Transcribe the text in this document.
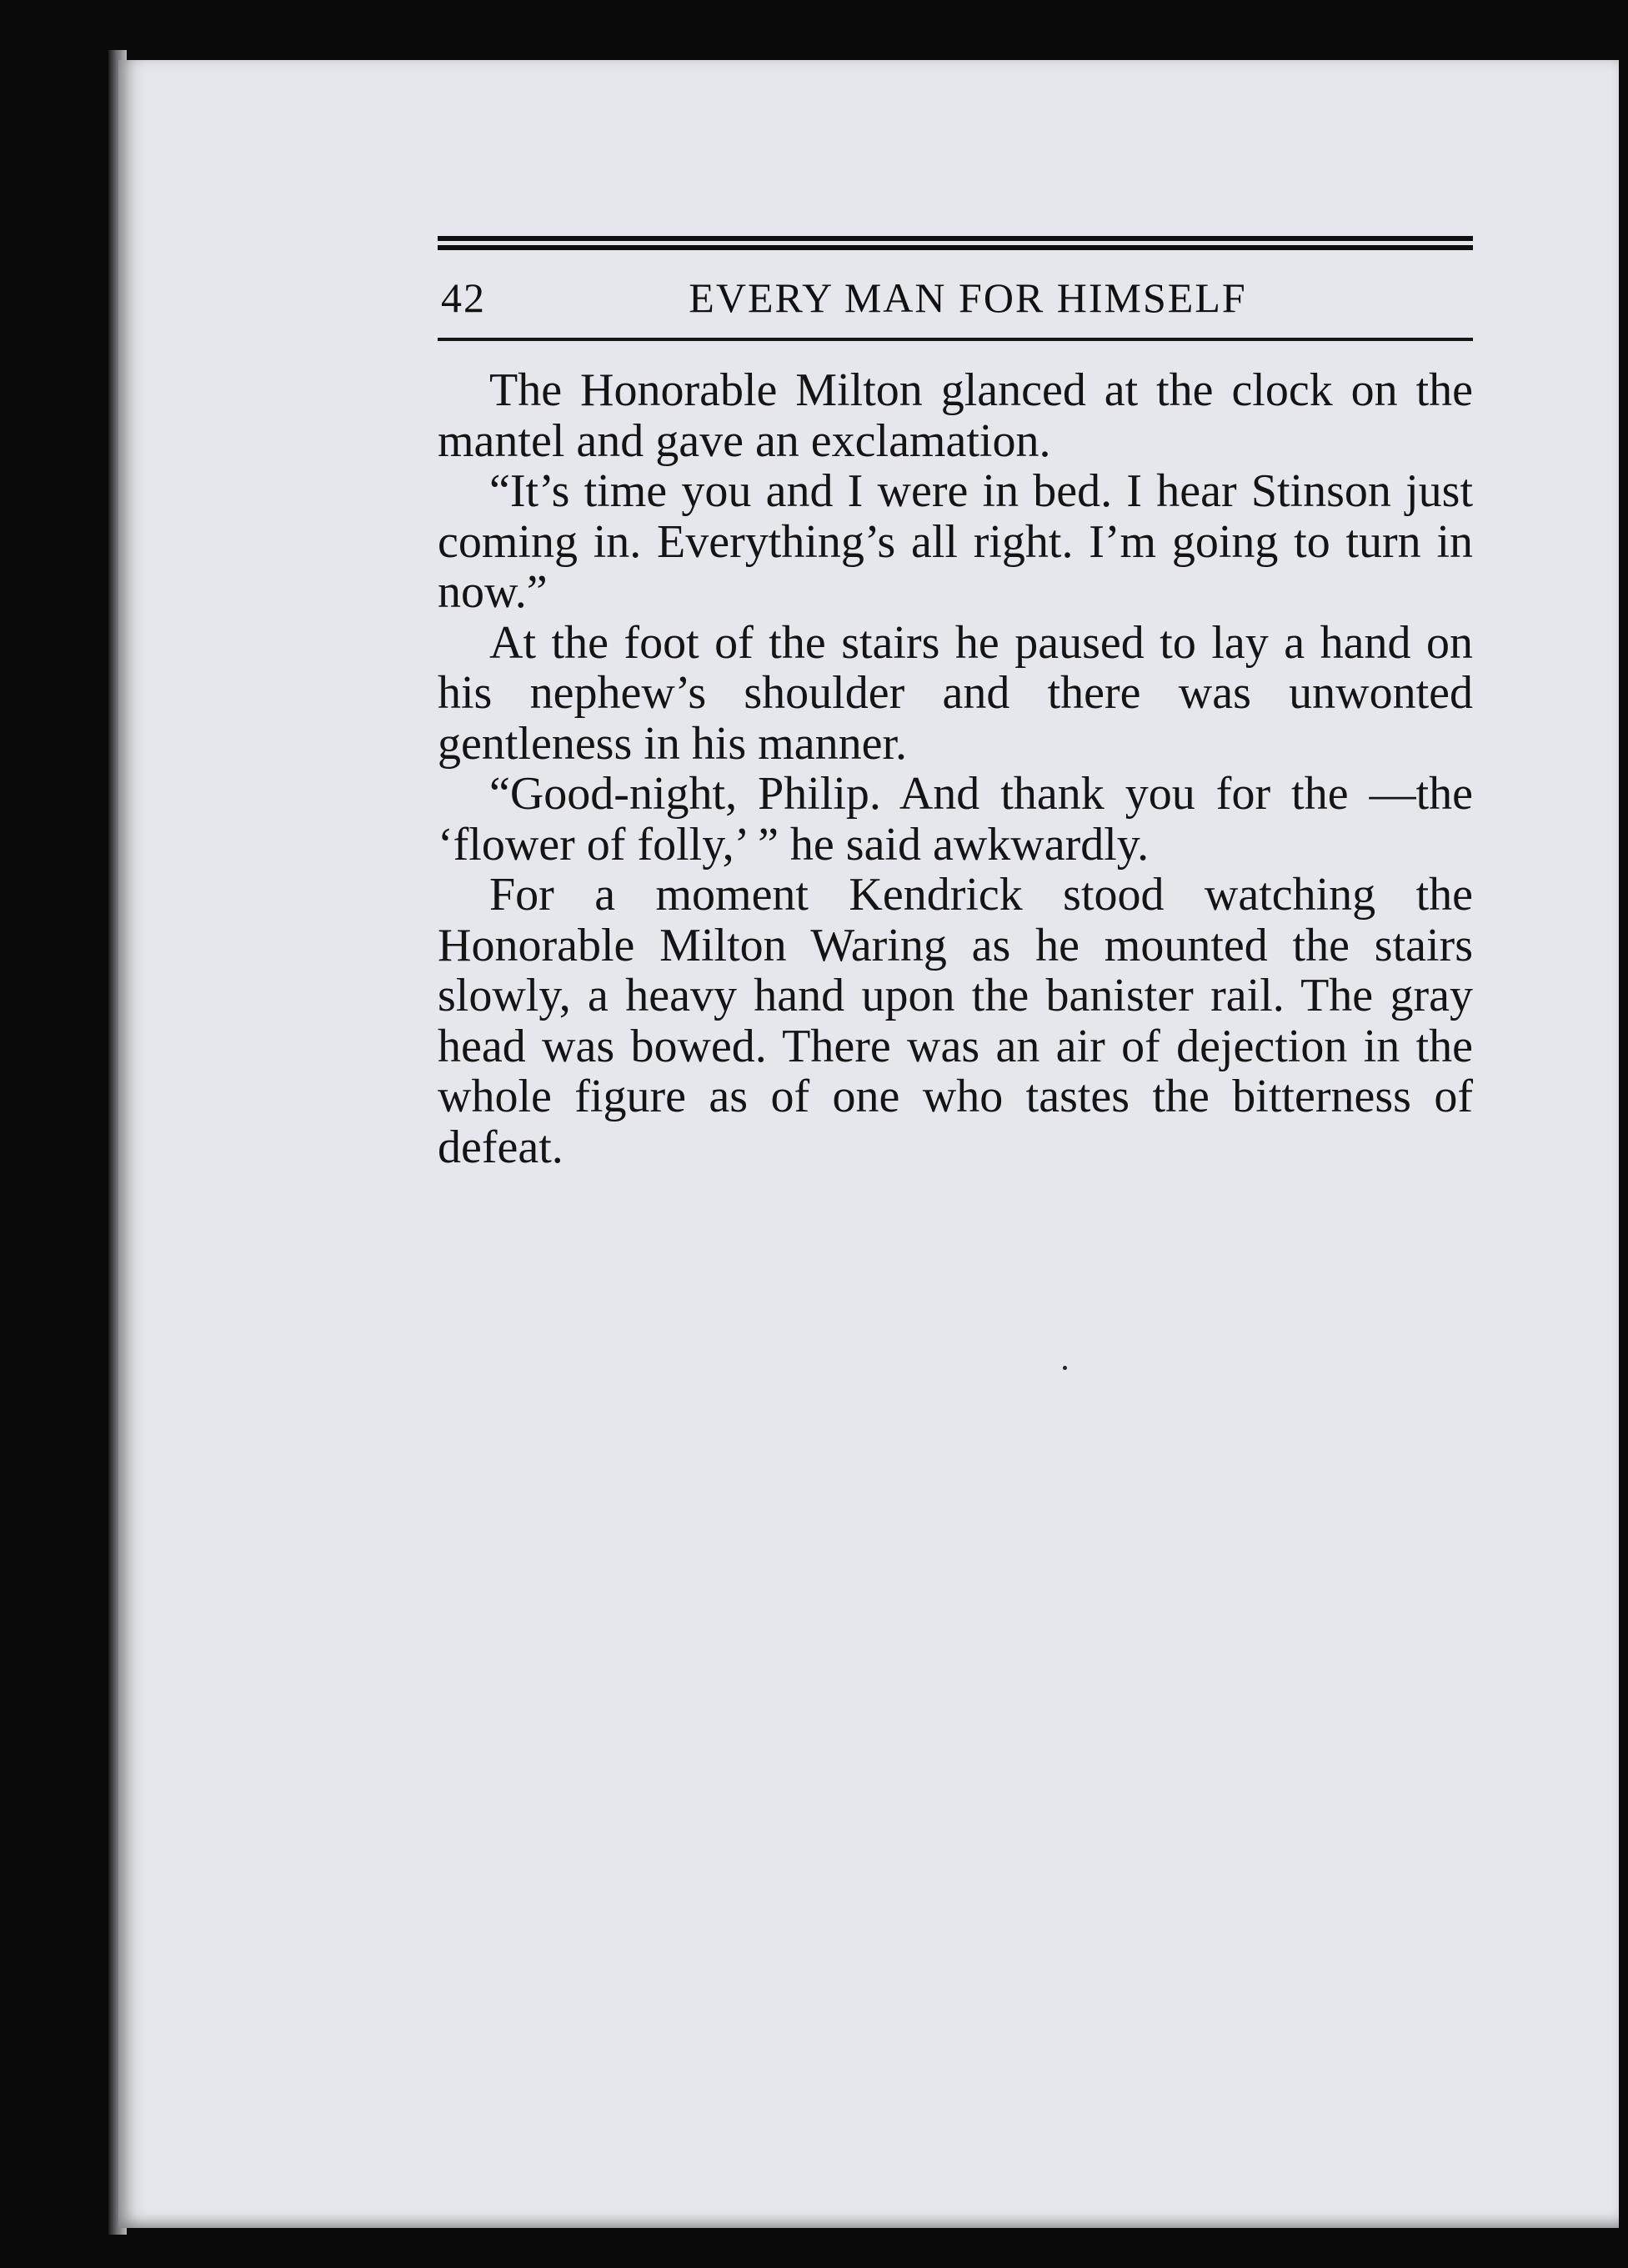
42	EVERY MAN FOR HIMSELF

The Honorable Milton glanced at the clock on the mantel and gave an exclamation.

“It’s time you and I were in bed. I hear Stinson just coming in. Everything’s all right. I’m going to turn in now.”

At the foot of the stairs he paused to lay a hand on his nephew’s shoulder and there was unwonted gentleness in his manner.

“Good-night, Philip. And thank you for the —the ‘flower of folly,’ ” he said awkwardly.

For a moment Kendrick stood watching the Honorable Milton Waring as he mounted the stairs slowly, a heavy hand upon the banister rail. The gray head was bowed. There was an air of dejection in the whole figure as of one who tastes the bitterness of defeat.
